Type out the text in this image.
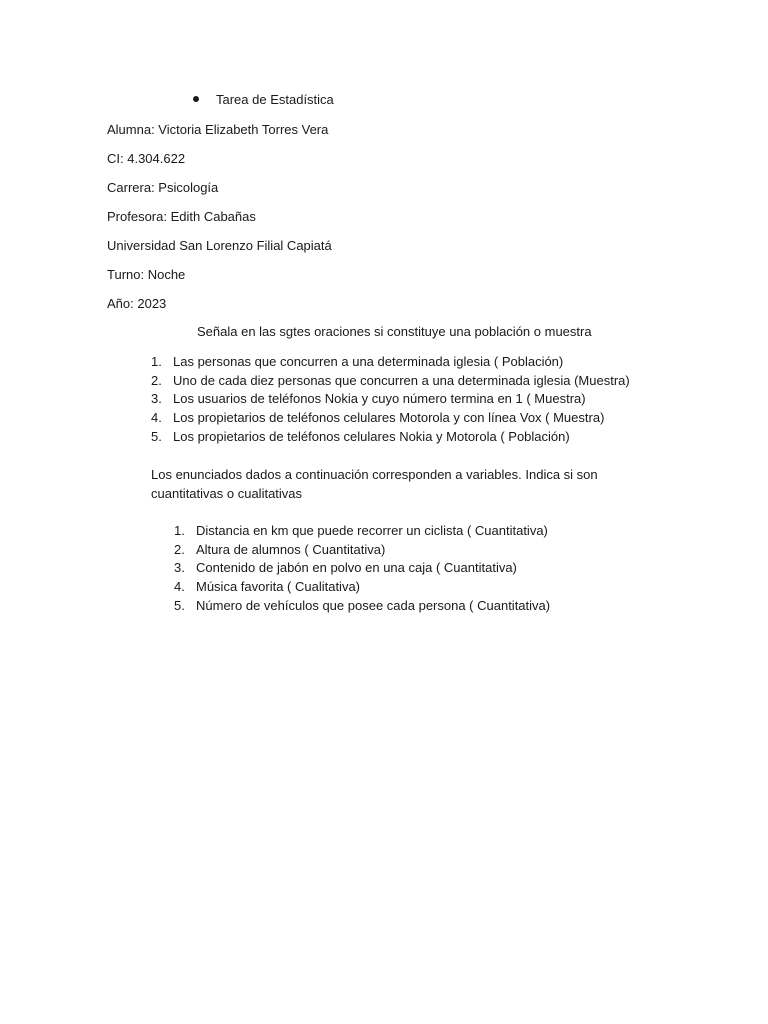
Tarea de Estadística
Alumna: Victoria Elizabeth Torres Vera
CI: 4.304.622
Carrera: Psicología
Profesora: Edith Cabañas
Universidad San Lorenzo Filial Capiatá
Turno: Noche
Año: 2023
Señala en las sgtes oraciones si constituye una población o muestra
1. Las personas que concurren a una determinada iglesia ( Población)
2. Uno de cada diez personas que concurren a una determinada iglesia (Muestra)
3. Los usuarios de teléfonos Nokia y cuyo número termina en 1 ( Muestra)
4. Los propietarios de teléfonos celulares Motorola y con línea Vox ( Muestra)
5. Los propietarios de teléfonos celulares Nokia y Motorola ( Población)
Los enunciados dados a continuación corresponden a variables. Indica si son cuantitativas o cualitativas
1. Distancia en km que puede recorrer un ciclista ( Cuantitativa)
2. Altura de alumnos ( Cuantitativa)
3. Contenido de jabón en polvo en una caja ( Cuantitativa)
4. Música favorita ( Cualitativa)
5. Número de vehículos que posee cada persona ( Cuantitativa)
